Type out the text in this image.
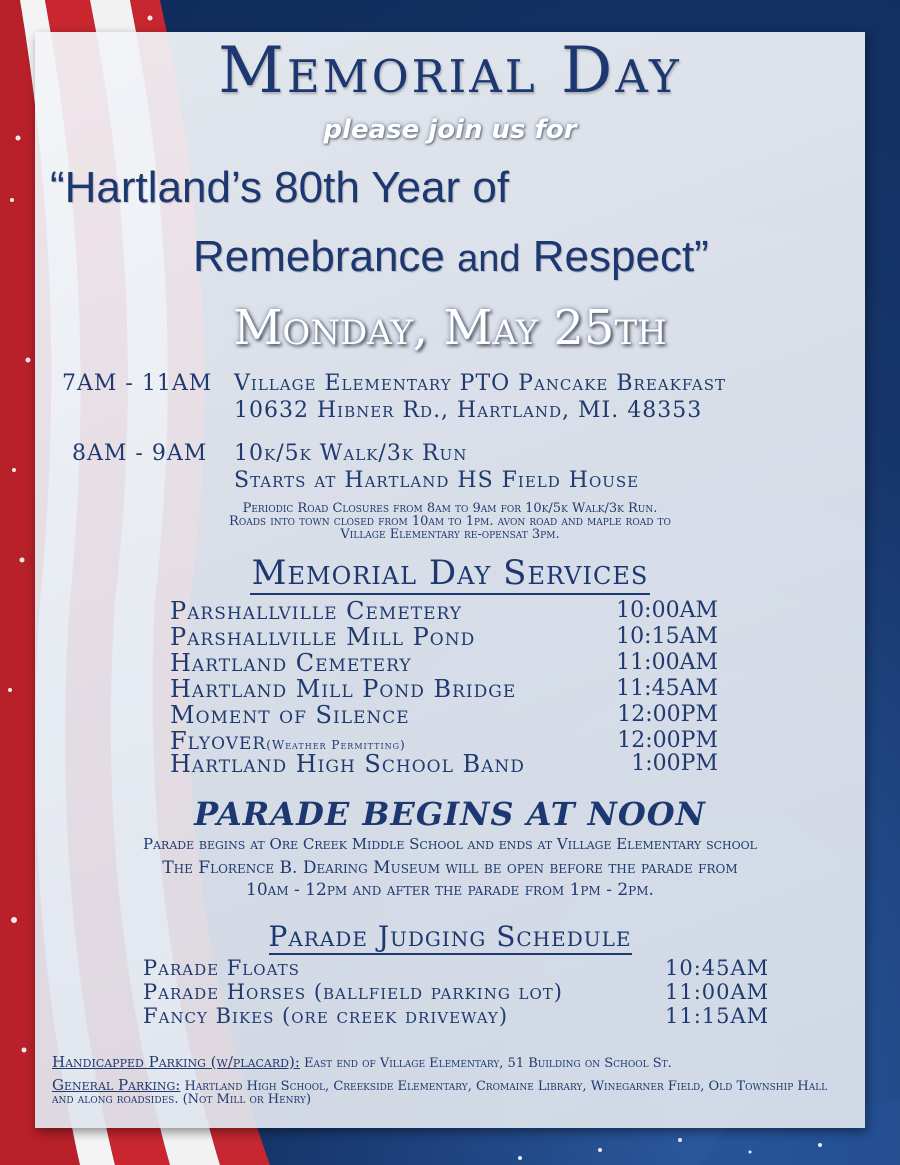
Memorial Day
please join us for
“Hartland’s 80th Year of
Remebrance and Respect”
Monday, May 25th
7AM - 11AM Village Elementary PTO Pancake Breakfast
10632 Hibner Rd., Hartland, MI. 48353
8AM - 9AM 10k/5k Walk/3k Run
Starts at Hartland HS Field House
Periodic Road Closures from 8am to 9am for 10k/5k Walk/3k Run.
Roads into town closed from 10am to 1pm. avon road and maple road to
Village Elementary re-opensat 3pm.
Memorial Day Services
Parshallville Cemetery	10:00AM
Parshallville Mill Pond	10:15AM
Hartland Cemetery	11:00AM
Hartland Mill Pond Bridge	11:45AM
Moment of Silence	12:00PM
Flyover(Weather Permitting)	12:00PM
Hartland High School Band	1:00PM
PARADE BEGINS AT NOON
Parade begins at Ore Creek Middle School and ends at Village Elementary school
The Florence B. Dearing Museum will be open before the parade from
10am - 12pm and after the parade from 1pm - 2pm.
Parade Judging Schedule
Parade Floats	10:45AM
Parade Horses (ballfield parking lot)	11:00AM
Fancy Bikes (ore creek driveway)	11:15AM
Handicapped Parking (w/placard): East end of Village Elementary, 51 Building on School St.
General Parking: Hartland High School, Creekside Elementary, Cromaine Library, Winegarner Field, Old Township Hall and along roadsides. (Not Mill or Henry)
